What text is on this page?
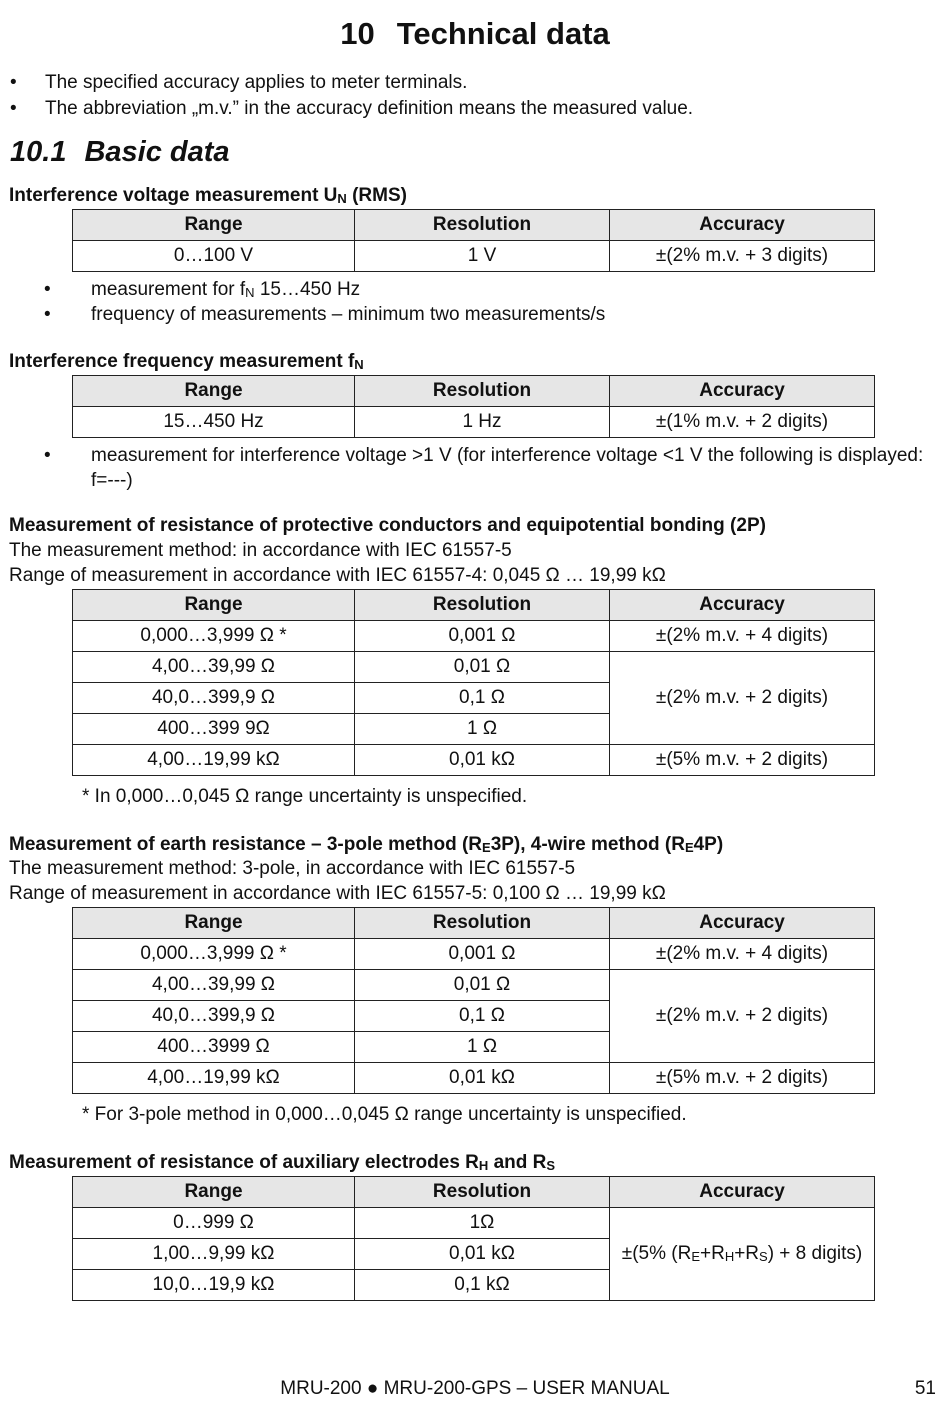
10 Technical data
• The specified accuracy applies to meter terminals.
• The abbreviation „m.v.” in the accuracy definition means the measured value.
10.1 Basic data
Interference voltage measurement UN (RMS)
Range	Resolution	Accuracy
0…100 V	1 V	±(2% m.v. + 3 digits)
• measurement for fN 15…450 Hz
• frequency of measurements – minimum two measurements/s
Interference frequency measurement fN
Range	Resolution	Accuracy
15…450 Hz	1 Hz	±(1% m.v. + 2 digits)
• measurement for interference voltage >1 V (for interference voltage <1 V the following is displayed: f=---)
Measurement of resistance of protective conductors and equipotential bonding (2P)
The measurement method: in accordance with IEC 61557-5
Range of measurement in accordance with IEC 61557-4: 0,045 Ω … 19,99 kΩ
Range	Resolution	Accuracy
0,000…3,999 Ω *	0,001 Ω	±(2% m.v. + 4 digits)
4,00…39,99 Ω	0,01 Ω	±(2% m.v. + 2 digits)
40,0…399,9 Ω	0,1 Ω	
400…399 9Ω	1 Ω	
4,00…19,99 kΩ	0,01 kΩ	±(5% m.v. + 2 digits)
* In 0,000…0,045 Ω range uncertainty is unspecified.
Measurement of earth resistance – 3-pole method (RE3P), 4-wire method (RE4P)
The measurement method: 3-pole, in accordance with IEC 61557-5
Range of measurement in accordance with IEC 61557-5: 0,100 Ω … 19,99 kΩ
Range	Resolution	Accuracy
0,000…3,999 Ω *	0,001 Ω	±(2% m.v. + 4 digits)
4,00…39,99 Ω	0,01 Ω	±(2% m.v. + 2 digits)
40,0…399,9 Ω	0,1 Ω	
400…3999 Ω	1 Ω	
4,00…19,99 kΩ	0,01 kΩ	±(5% m.v. + 2 digits)
* For 3-pole method in 0,000…0,045 Ω range uncertainty is unspecified.
Measurement of resistance of auxiliary electrodes RH and RS
Range	Resolution	Accuracy
0…999 Ω	1Ω	±(5% (RE+RH+RS) + 8 digits)
1,00…9,99 kΩ	0,01 kΩ	
10,0…19,9 kΩ	0,1 kΩ	
MRU-200 ● MRU-200-GPS – USER MANUAL	51
